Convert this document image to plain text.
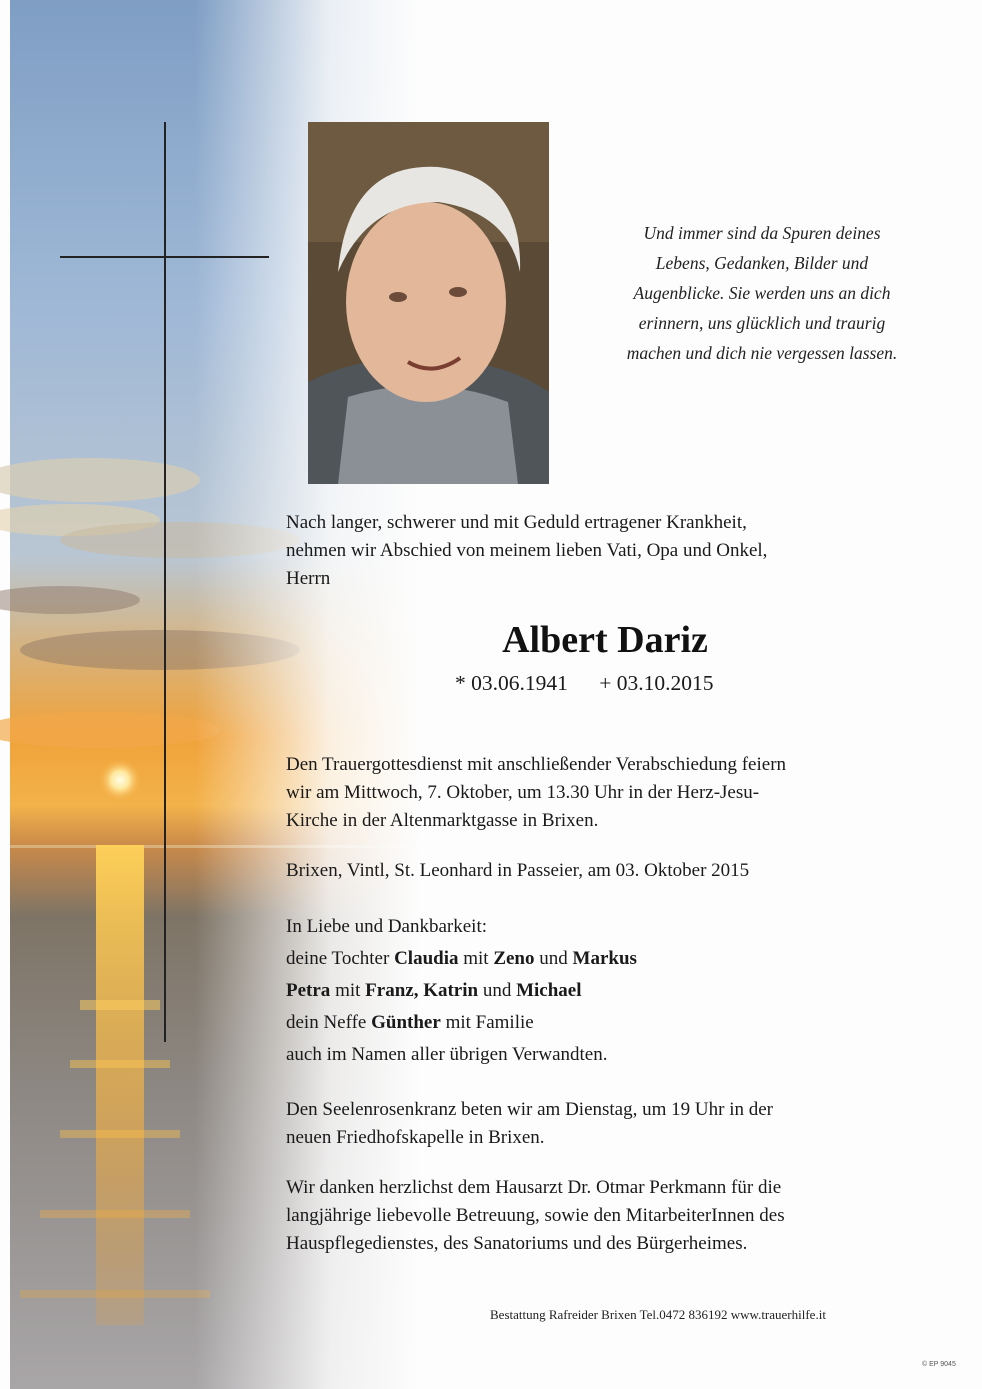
Und immer sind da Spuren deines
Lebens, Gedanken, Bilder und
Augenblicke. Sie werden uns an dich
erinnern, uns glücklich und traurig
machen und dich nie vergessen lassen.
Nach langer, schwerer und mit Geduld ertragener Krankheit,
nehmen wir Abschied von meinem lieben Vati, Opa und Onkel,
Herrn
Albert Dariz
* 03.06.1941 + 03.10.2015
Den Trauergottesdienst mit anschließender Verabschiedung feiern
wir am Mittwoch, 7. Oktober, um 13.30 Uhr in der Herz-Jesu-
Kirche in der Altenmarktgasse in Brixen.
Brixen, Vintl, St. Leonhard in Passeier, am 03. Oktober 2015
In Liebe und Dankbarkeit:
deine Tochter Claudia mit Zeno und Markus
Petra mit Franz, Katrin und Michael
dein Neffe Günther mit Familie
auch im Namen aller übrigen Verwandten.
Den Seelenrosenkranz beten wir am Dienstag, um 19 Uhr in der
neuen Friedhofskapelle in Brixen.
Wir danken herzlichst dem Hausarzt Dr. Otmar Perkmann für die
langjährige liebevolle Betreuung, sowie den MitarbeiterInnen des
Hauspflegedienstes, des Sanatoriums und des Bürgerheimes.
Bestattung Rafreider Brixen Tel.0472 836192 www.trauerhilfe.it
© EP 9045
